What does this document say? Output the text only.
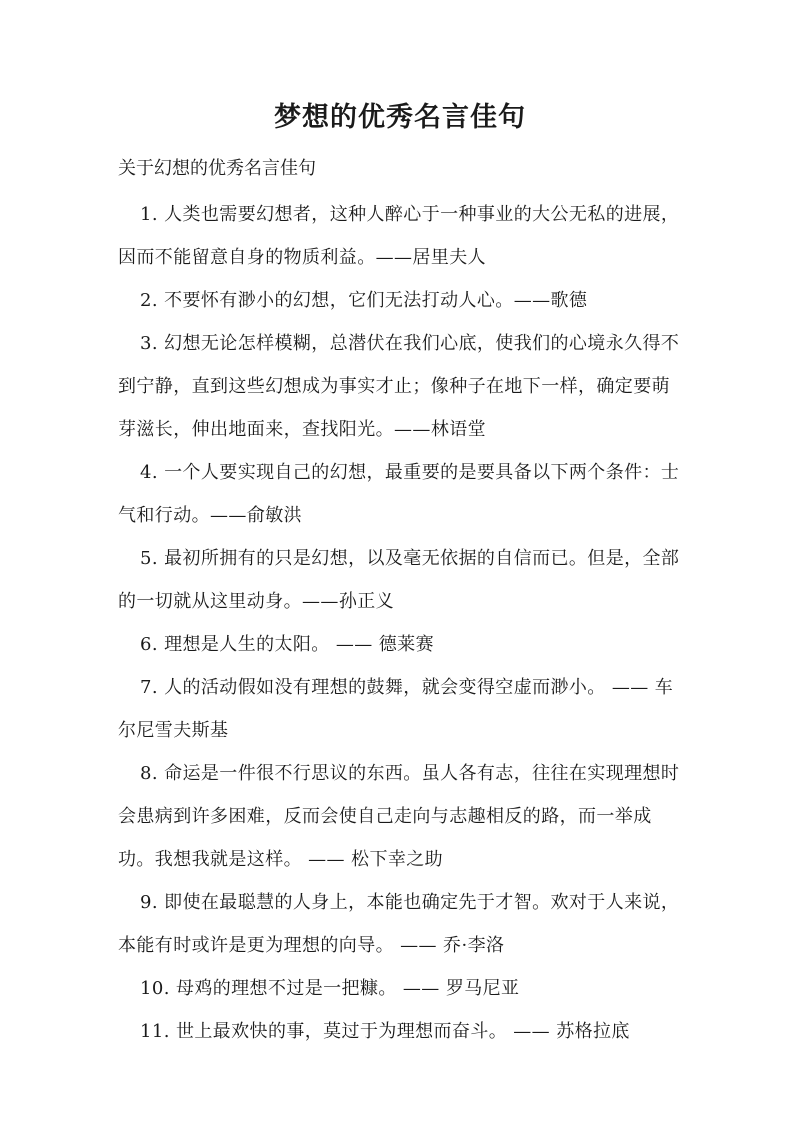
梦想的优秀名言佳句
关于幻想的优秀名言佳句
1. 人类也需要幻想者，这种人醉心于一种事业的大公无私的进展，因而不能留意自身的物质利益。——居里夫人
2. 不要怀有渺小的幻想，它们无法打动人心。——歌德
3. 幻想无论怎样模糊，总潜伏在我们心底，使我们的心境永久得不到宁静，直到这些幻想成为事实才止；像种子在地下一样，确定要萌芽滋长，伸出地面来，查找阳光。——林语堂
4. 一个人要实现自己的幻想，最重要的是要具备以下两个条件：士气和行动。——俞敏洪
5. 最初所拥有的只是幻想，以及毫无依据的自信而已。但是，全部的一切就从这里动身。——孙正义
6. 理想是人生的太阳。 —— 德莱赛
7. 人的活动假如没有理想的鼓舞，就会变得空虚而渺小。 —— 车尔尼雪夫斯基
8. 命运是一件很不行思议的东西。虽人各有志，往往在实现理想时会患病到许多困难，反而会使自己走向与志趣相反的路，而一举成功。我想我就是这样。 —— 松下幸之助
9. 即使在最聪慧的人身上，本能也确定先于才智。欢对于人来说，本能有时或许是更为理想的向导。 —— 乔·李洛
10. 母鸡的理想不过是一把糠。 —— 罗马尼亚
11. 世上最欢快的事，莫过于为理想而奋斗。 —— 苏格拉底
